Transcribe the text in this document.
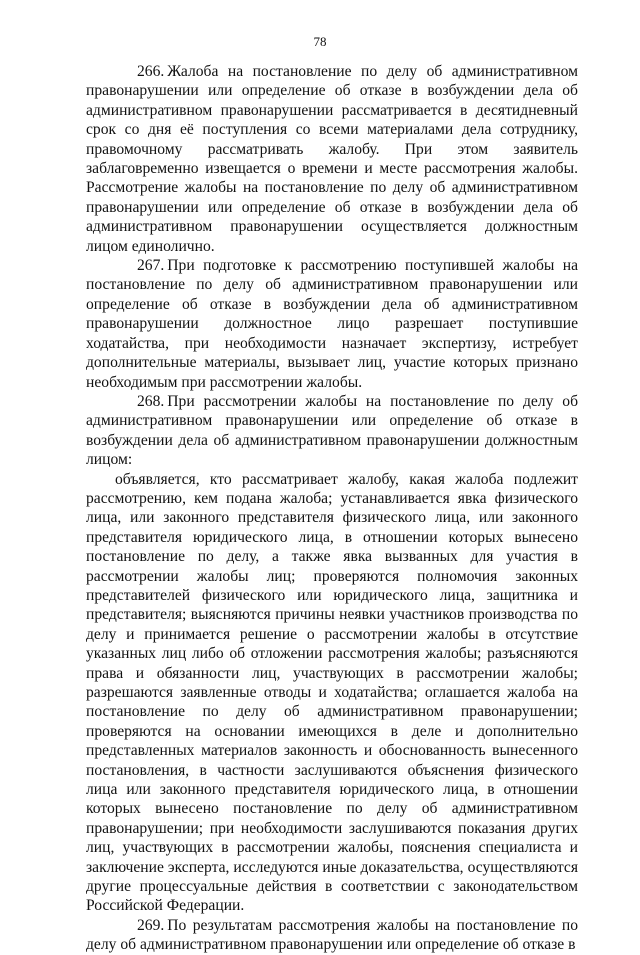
78

266. Жалоба на постановление по делу об административном правонарушении или определение об отказе в возбуждении дела об административном правонарушении рассматривается в десятидневный срок со дня её поступления со всеми материалами дела сотруднику, правомочному рассматривать жалобу. При этом заявитель заблаговременно извещается о времени и месте рассмотрения жалобы. Рассмотрение жалобы на постановление по делу об административном правонарушении или определение об отказе в возбуждении дела об административном правонарушении осуществляется должностным лицом единолично.

267. При подготовке к рассмотрению поступившей жалобы на постановление по делу об административном правонарушении или определение об отказе в возбуждении дела об административном правонарушении должностное лицо разрешает поступившие ходатайства, при необходимости назначает экспертизу, истребует дополнительные материалы, вызывает лиц, участие которых признано необходимым при рассмотрении жалобы.

268. При рассмотрении жалобы на постановление по делу об административном правонарушении или определение об отказе в возбуждении дела об административном правонарушении должностным лицом:

объявляется, кто рассматривает жалобу, какая жалоба подлежит рассмотрению, кем подана жалоба; устанавливается явка физического лица, или законного представителя физического лица, или законного представителя юридического лица, в отношении которых вынесено постановление по делу, а также явка вызванных для участия в рассмотрении жалобы лиц; проверяются полномочия законных представителей физического или юридического лица, защитника и представителя; выясняются причины неявки участников производства по делу и принимается решение о рассмотрении жалобы в отсутствие указанных лиц либо об отложении рассмотрения жалобы; разъясняются права и обязанности лиц, участвующих в рассмотрении жалобы; разрешаются заявленные отводы и ходатайства; оглашается жалоба на постановление по делу об административном правонарушении; проверяются на основании имеющихся в деле и дополнительно представленных материалов законность и обоснованность вынесенного постановления, в частности заслушиваются объяснения физического лица или законного представителя юридического лица, в отношении которых вынесено постановление по делу об административном правонарушении; при необходимости заслушиваются показания других лиц, участвующих в рассмотрении жалобы, пояснения специалиста и заключение эксперта, исследуются иные доказательства, осуществляются другие процессуальные действия в соответствии с законодательством Российской Федерации.

269. По результатам рассмотрения жалобы на постановление по делу об административном правонарушении или определение об отказе в
